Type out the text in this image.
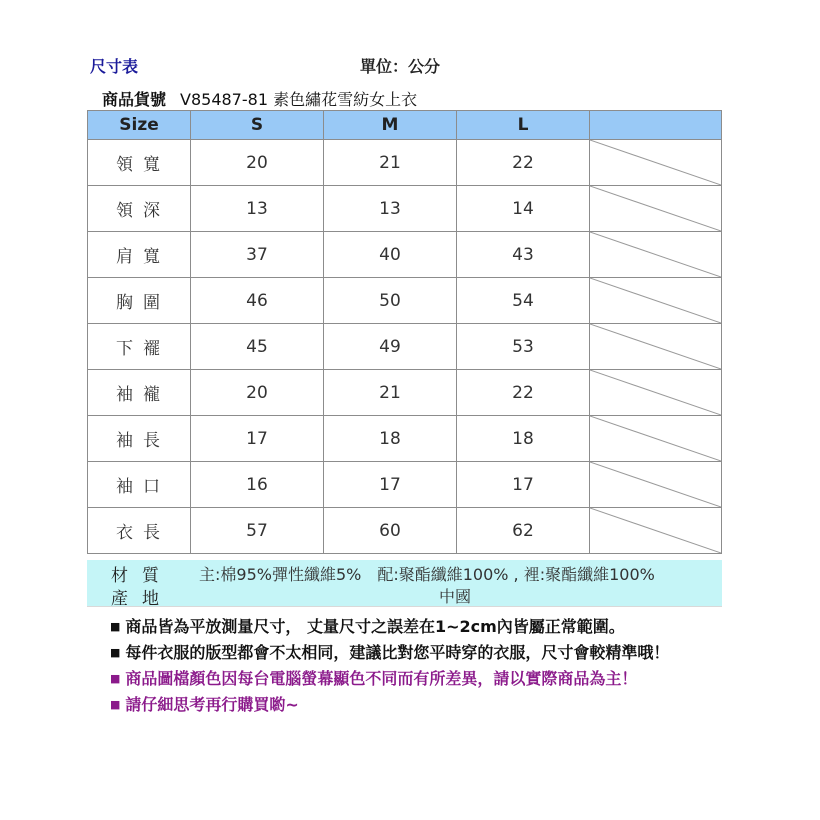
尺寸表	單位：公分
商品貨號 V85487-81 素色繡花雪紡女上衣
Size	S	M	L	
領寬	20	21	22	

領深	13	13	14	

肩寬	37	40	43	

胸圍	46	50	54	

下襬	45	49	53	

袖襱	20	21	22	

袖長	17	18	18	

袖口	16	17	17	

衣長	57	60	62	
材質 主:棉95%彈性纖維5%　配:聚酯纖維100% , 裡:聚酯纖維100%
產地	中國
■ 商品皆為平放測量尺寸， 丈量尺寸之誤差在1~2cm內皆屬正常範圍。
■ 每件衣服的版型都會不太相同，建議比對您平時穿的衣服，尺寸會較精準哦！
■ 商品圖檔顏色因每台電腦螢幕顯色不同而有所差異，請以實際商品為主！
■ 請仔細思考再行購買喲~
